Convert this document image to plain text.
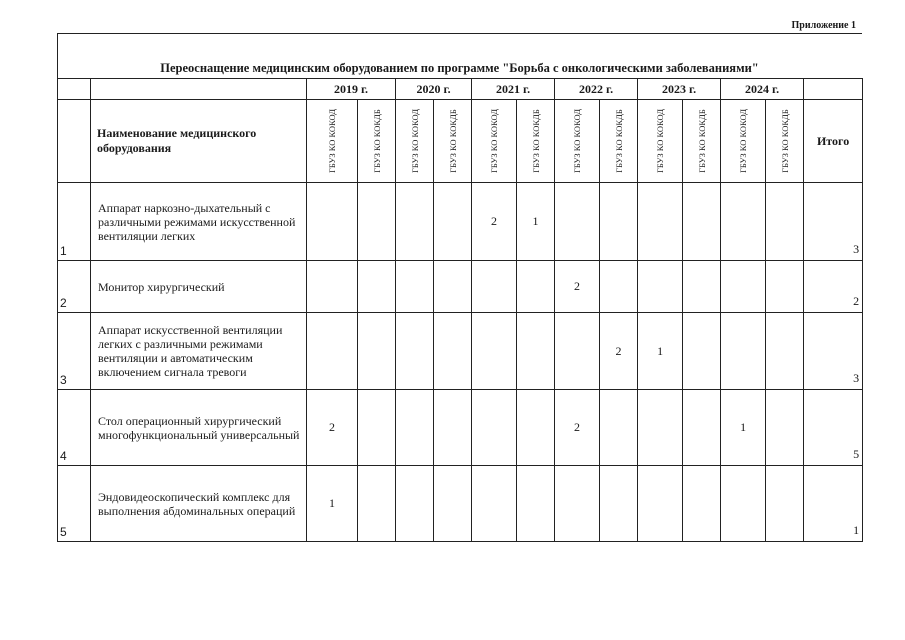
Приложение 1
Переоснащение медицинским оборудованием по программе "Борьба с онкологическими заболеваниями"
		2019 г.		2020 г.		2021 г.		2022 г.		2023 г.		2024 г.		
	Наименование медицинского оборудования	ГБУЗ КО КОКОД	ГБУЗ КО КОКДБ	ГБУЗ КО КОКОД	ГБУЗ КО КОКДБ	ГБУЗ КО КОКОД	ГБУЗ КО КОКДБ	ГБУЗ КО КОКОД	ГБУЗ КО КОКДБ	ГБУЗ КО КОКОД	ГБУЗ КО КОКДБ	ГБУЗ КО КОКОД	ГБУЗ КО КОКДБ	Итого
1	Аппарат наркозно-дыхательный с различными режимами искусственной вентиляции легких					2	1							3
2	Монитор хирургический							2						2
3	Аппарат искусственной вентиляции легких с различными режимами вентиляции и автоматическим включением сигнала тревоги								2	1				3
4	Стол операционный хирургический многофункциональный универсальный	2						2				1		5
5	Эндовидеоскопический комплекс для выполнения абдоминальных операций	1												1
